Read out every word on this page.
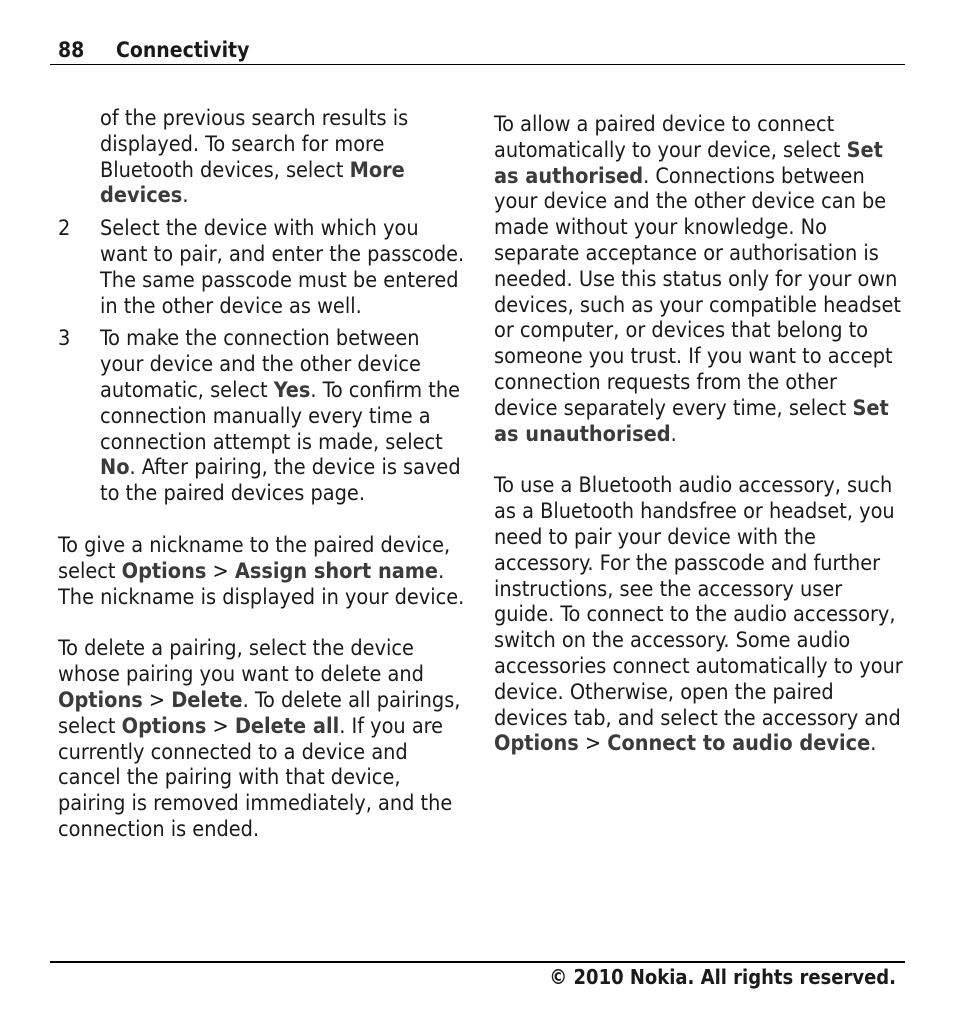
88 Connectivity

of the previous search results is displayed. To search for more Bluetooth devices, select More devices.

2	Select the device with which you want to pair, and enter the passcode. The same passcode must be entered in the other device as well.
3	To make the connection between your device and the other device automatic, select Yes. To confirm the connection manually every time a connection attempt is made, select No. After pairing, the device is saved to the paired devices page.

To give a nickname to the paired device, select Options > Assign short name. The nickname is displayed in your device.

To delete a pairing, select the device whose pairing you want to delete and Options > Delete. To delete all pairings, select Options > Delete all. If you are currently connected to a device and cancel the pairing with that device, pairing is removed immediately, and the connection is ended.

To allow a paired device to connect automatically to your device, select Set as authorised. Connections between your device and the other device can be made without your knowledge. No separate acceptance or authorisation is needed. Use this status only for your own devices, such as your compatible headset or computer, or devices that belong to someone you trust. If you want to accept connection requests from the other device separately every time, select Set as unauthorised.

To use a Bluetooth audio accessory, such as a Bluetooth handsfree or headset, you need to pair your device with the accessory. For the passcode and further instructions, see the accessory user guide. To connect to the audio accessory, switch on the accessory. Some audio accessories connect automatically to your device. Otherwise, open the paired devices tab, and select the accessory and Options > Connect to audio device.

© 2010 Nokia. All rights reserved.
